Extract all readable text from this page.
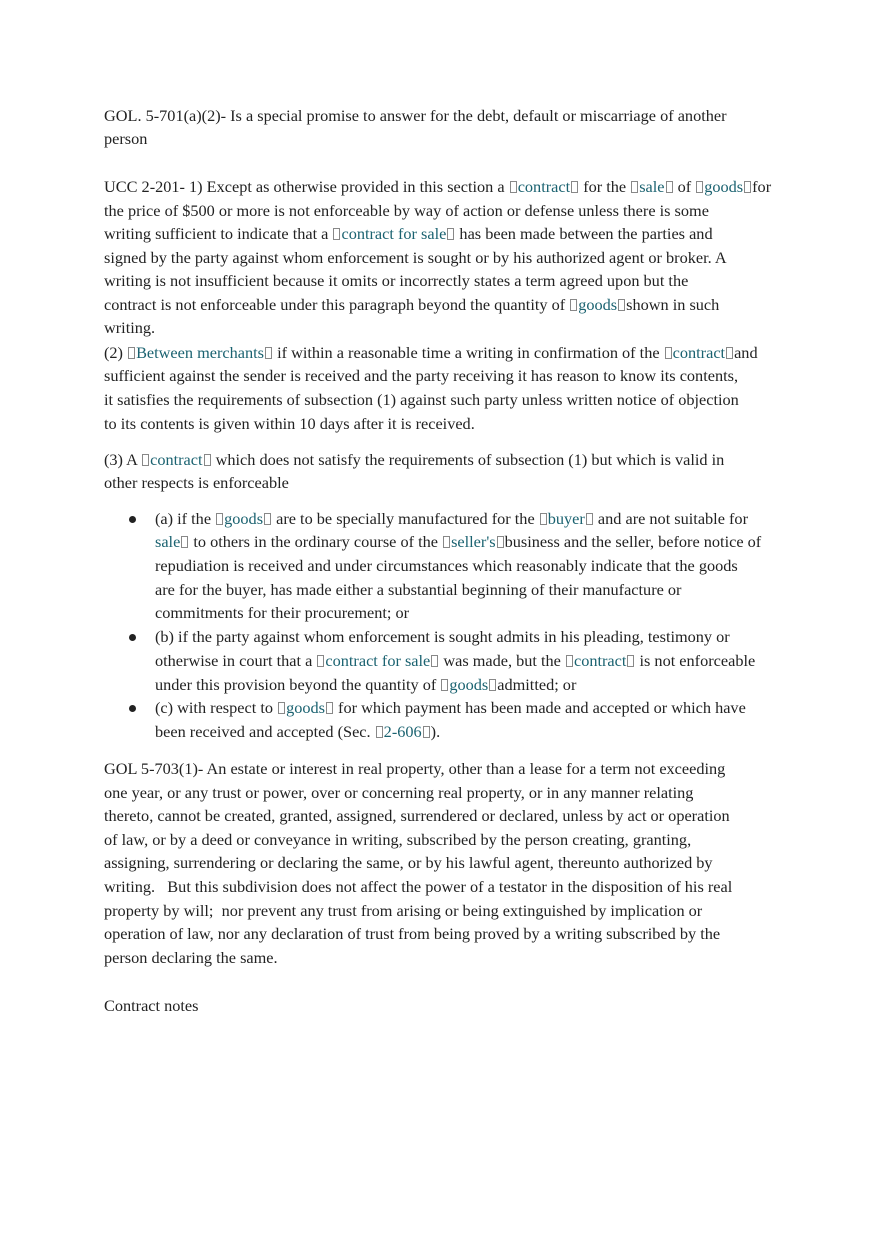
GOL. 5-701(a)(2)- Is a special promise to answer for the debt, default or miscarriage of another
person
UCC 2-201- 1) Except as otherwise provided in this section a contract for the sale of goods for
the price of $500 or more is not enforceable by way of action or defense unless there is some
writing sufficient to indicate that a contract for sale has been made between the parties and
signed by the party against whom enforcement is sought or by his authorized agent or broker. A
writing is not insufficient because it omits or incorrectly states a term agreed upon but the
contract is not enforceable under this paragraph beyond the quantity of goods shown in such
writing.
(2) Between merchants if within a reasonable time a writing in confirmation of the contract and
sufficient against the sender is received and the party receiving it has reason to know its contents,
it satisfies the requirements of subsection (1) against such party unless written notice of objection
to its contents is given within 10 days after it is received.
(3) A contract which does not satisfy the requirements of subsection (1) but which is valid in
other respects is enforceable
(a) if the goods are to be specially manufactured for the buyer and are not suitable for
sale to others in the ordinary course of the seller's business and the seller, before notice of
repudiation is received and under circumstances which reasonably indicate that the goods
are for the buyer, has made either a substantial beginning of their manufacture or
commitments for their procurement; or
(b) if the party against whom enforcement is sought admits in his pleading, testimony or
otherwise in court that a contract for sale was made, but the contract is not enforceable
under this provision beyond the quantity of goods admitted; or
(c) with respect to goods for which payment has been made and accepted or which have
been received and accepted (Sec. 2-606 ).
GOL 5-703(1)- An estate or interest in real property, other than a lease for a term not exceeding
one year, or any trust or power, over or concerning real property, or in any manner relating
thereto, cannot be created, granted, assigned, surrendered or declared, unless by act or operation
of law, or by a deed or conveyance in writing, subscribed by the person creating, granting,
assigning, surrendering or declaring the same, or by his lawful agent, thereunto authorized by
writing.   But this subdivision does not affect the power of a testator in the disposition of his real
property by will;  nor prevent any trust from arising or being extinguished by implication or
operation of law, nor any declaration of trust from being proved by a writing subscribed by the
person declaring the same.
Contract notes
